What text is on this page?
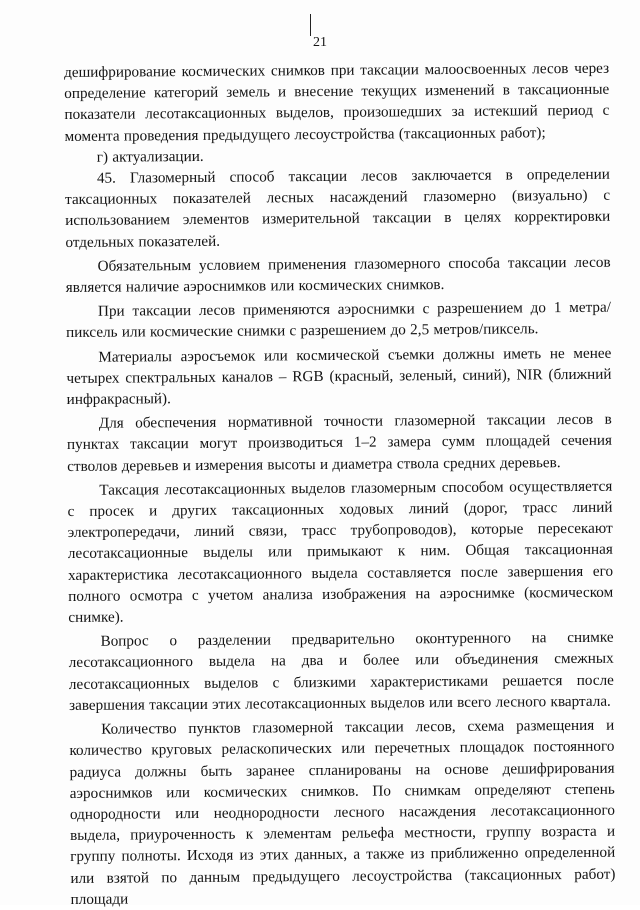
21

дешифрирование космических снимков при таксации малоосвоенных лесов через определение категорий земель и внесение текущих изменений в таксационные показатели лесотаксационных выделов, произошедших за истекший период с момента проведения предыдущего лесоустройства (таксационных работ);

г) актуализации.

45. Глазомерный способ таксации лесов заключается в определении таксационных показателей лесных насаждений глазомерно (визуально) с использованием элементов измерительной таксации в целях корректировки отдельных показателей.

Обязательным условием применения глазомерного способа таксации лесов является наличие аэроснимков или космических снимков.

При таксации лесов применяются аэроснимки с разрешением до 1 метра/пиксель или космические снимки с разрешением до 2,5 метров/пиксель.

Материалы аэросъемок или космической съемки должны иметь не менее четырех спектральных каналов – RGB (красный, зеленый, синий), NIR (ближний инфракрасный).

Для обеспечения нормативной точности глазомерной таксации лесов в пунктах таксации могут производиться 1–2 замера сумм площадей сечения стволов деревьев и измерения высоты и диаметра ствола средних деревьев.

Таксация лесотаксационных выделов глазомерным способом осуществляется с просек и других таксационных ходовых линий (дорог, трасс линий электропередачи, линий связи, трасс трубопроводов), которые пересекают лесотаксационные выделы или примыкают к ним. Общая таксационная характеристика лесотаксационного выдела составляется после завершения его полного осмотра с учетом анализа изображения на аэроснимке (космическом снимке).

Вопрос о разделении предварительно оконтуренного на снимке лесотаксационного выдела на два и более или объединения смежных лесотаксационных выделов с близкими характеристиками решается после завершения таксации этих лесотаксационных выделов или всего лесного квартала.

Количество пунктов глазомерной таксации лесов, схема размещения и количество круговых реласкопических или перечетных площадок постоянного радиуса должны быть заранее спланированы на основе дешифрирования аэроснимков или космических снимков. По снимкам определяют степень однородности или неоднородности лесного насаждения лесотаксационного выдела, приуроченность к элементам рельефа местности, группу возраста и группу полноты. Исходя из этих данных, а также из приближенно определенной или взятой по данным предыдущего лесоустройства (таксационных работ) площади
